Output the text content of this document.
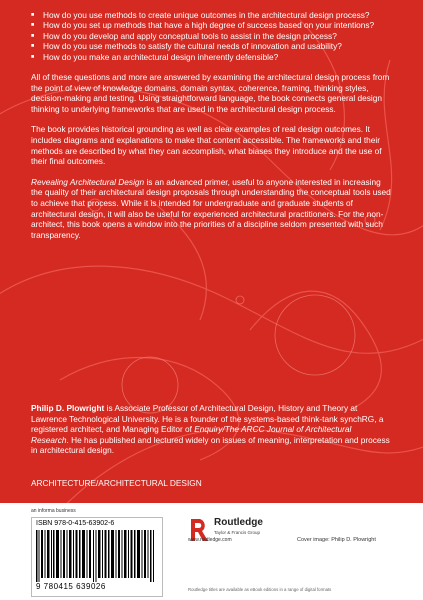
■ How do you use methods to create unique outcomes in the architectural design process?
■ How do you set up methods that have a high degree of success based on your intentions?
■ How do you develop and apply conceptual tools to assist in the design process?
■ How do you use methods to satisfy the cultural needs of innovation and usability?
■ How do you make an architectural design inherently defensible?

All of these questions and more are answered by examining the architectural design process from the point of view of knowledge domains, domain syntax, coherence, framing, thinking styles, decision-making and testing. Using straightforward language, the book connects general design thinking to underlying frameworks that are used in the architectural design process.

The book provides historical grounding as well as clear examples of real design outcomes. It includes diagrams and explanations to make that content accessible. The frameworks and their methods are described by what they can accomplish, what biases they introduce and the use of their final outcomes.

Revealing Architectural Design is an advanced primer, useful to anyone interested in increasing the quality of their architectural design proposals through understanding the conceptual tools used to achieve that process. While it is intended for undergraduate and graduate students of architectural design, it will also be useful for experienced architectural practitioners. For the non-architect, this book opens a window into the priorities of a discipline seldom presented with such transparency.

Philip D. Plowright is Associate Professor of Architectural Design, History and Theory at Lawrence Technological University. He is a founder of the systems-based think-tank synchRG, a registered architect, and Managing Editor of Enquiry/The ARCC Journal of Architectural Research. He has published and lectured widely on issues of meaning, interpretation and process in architectural design.

ARCHITECTURE/ARCHITECTURAL DESIGN
an informa business
ISBN 978-0-415-63902-6
9 780415 639026
Routledge
Taylor & Francis Group
www.routledge.com	Cover image: Philip D. Plowright
Routledge titles are available as eBook editions in a range of digital formats
